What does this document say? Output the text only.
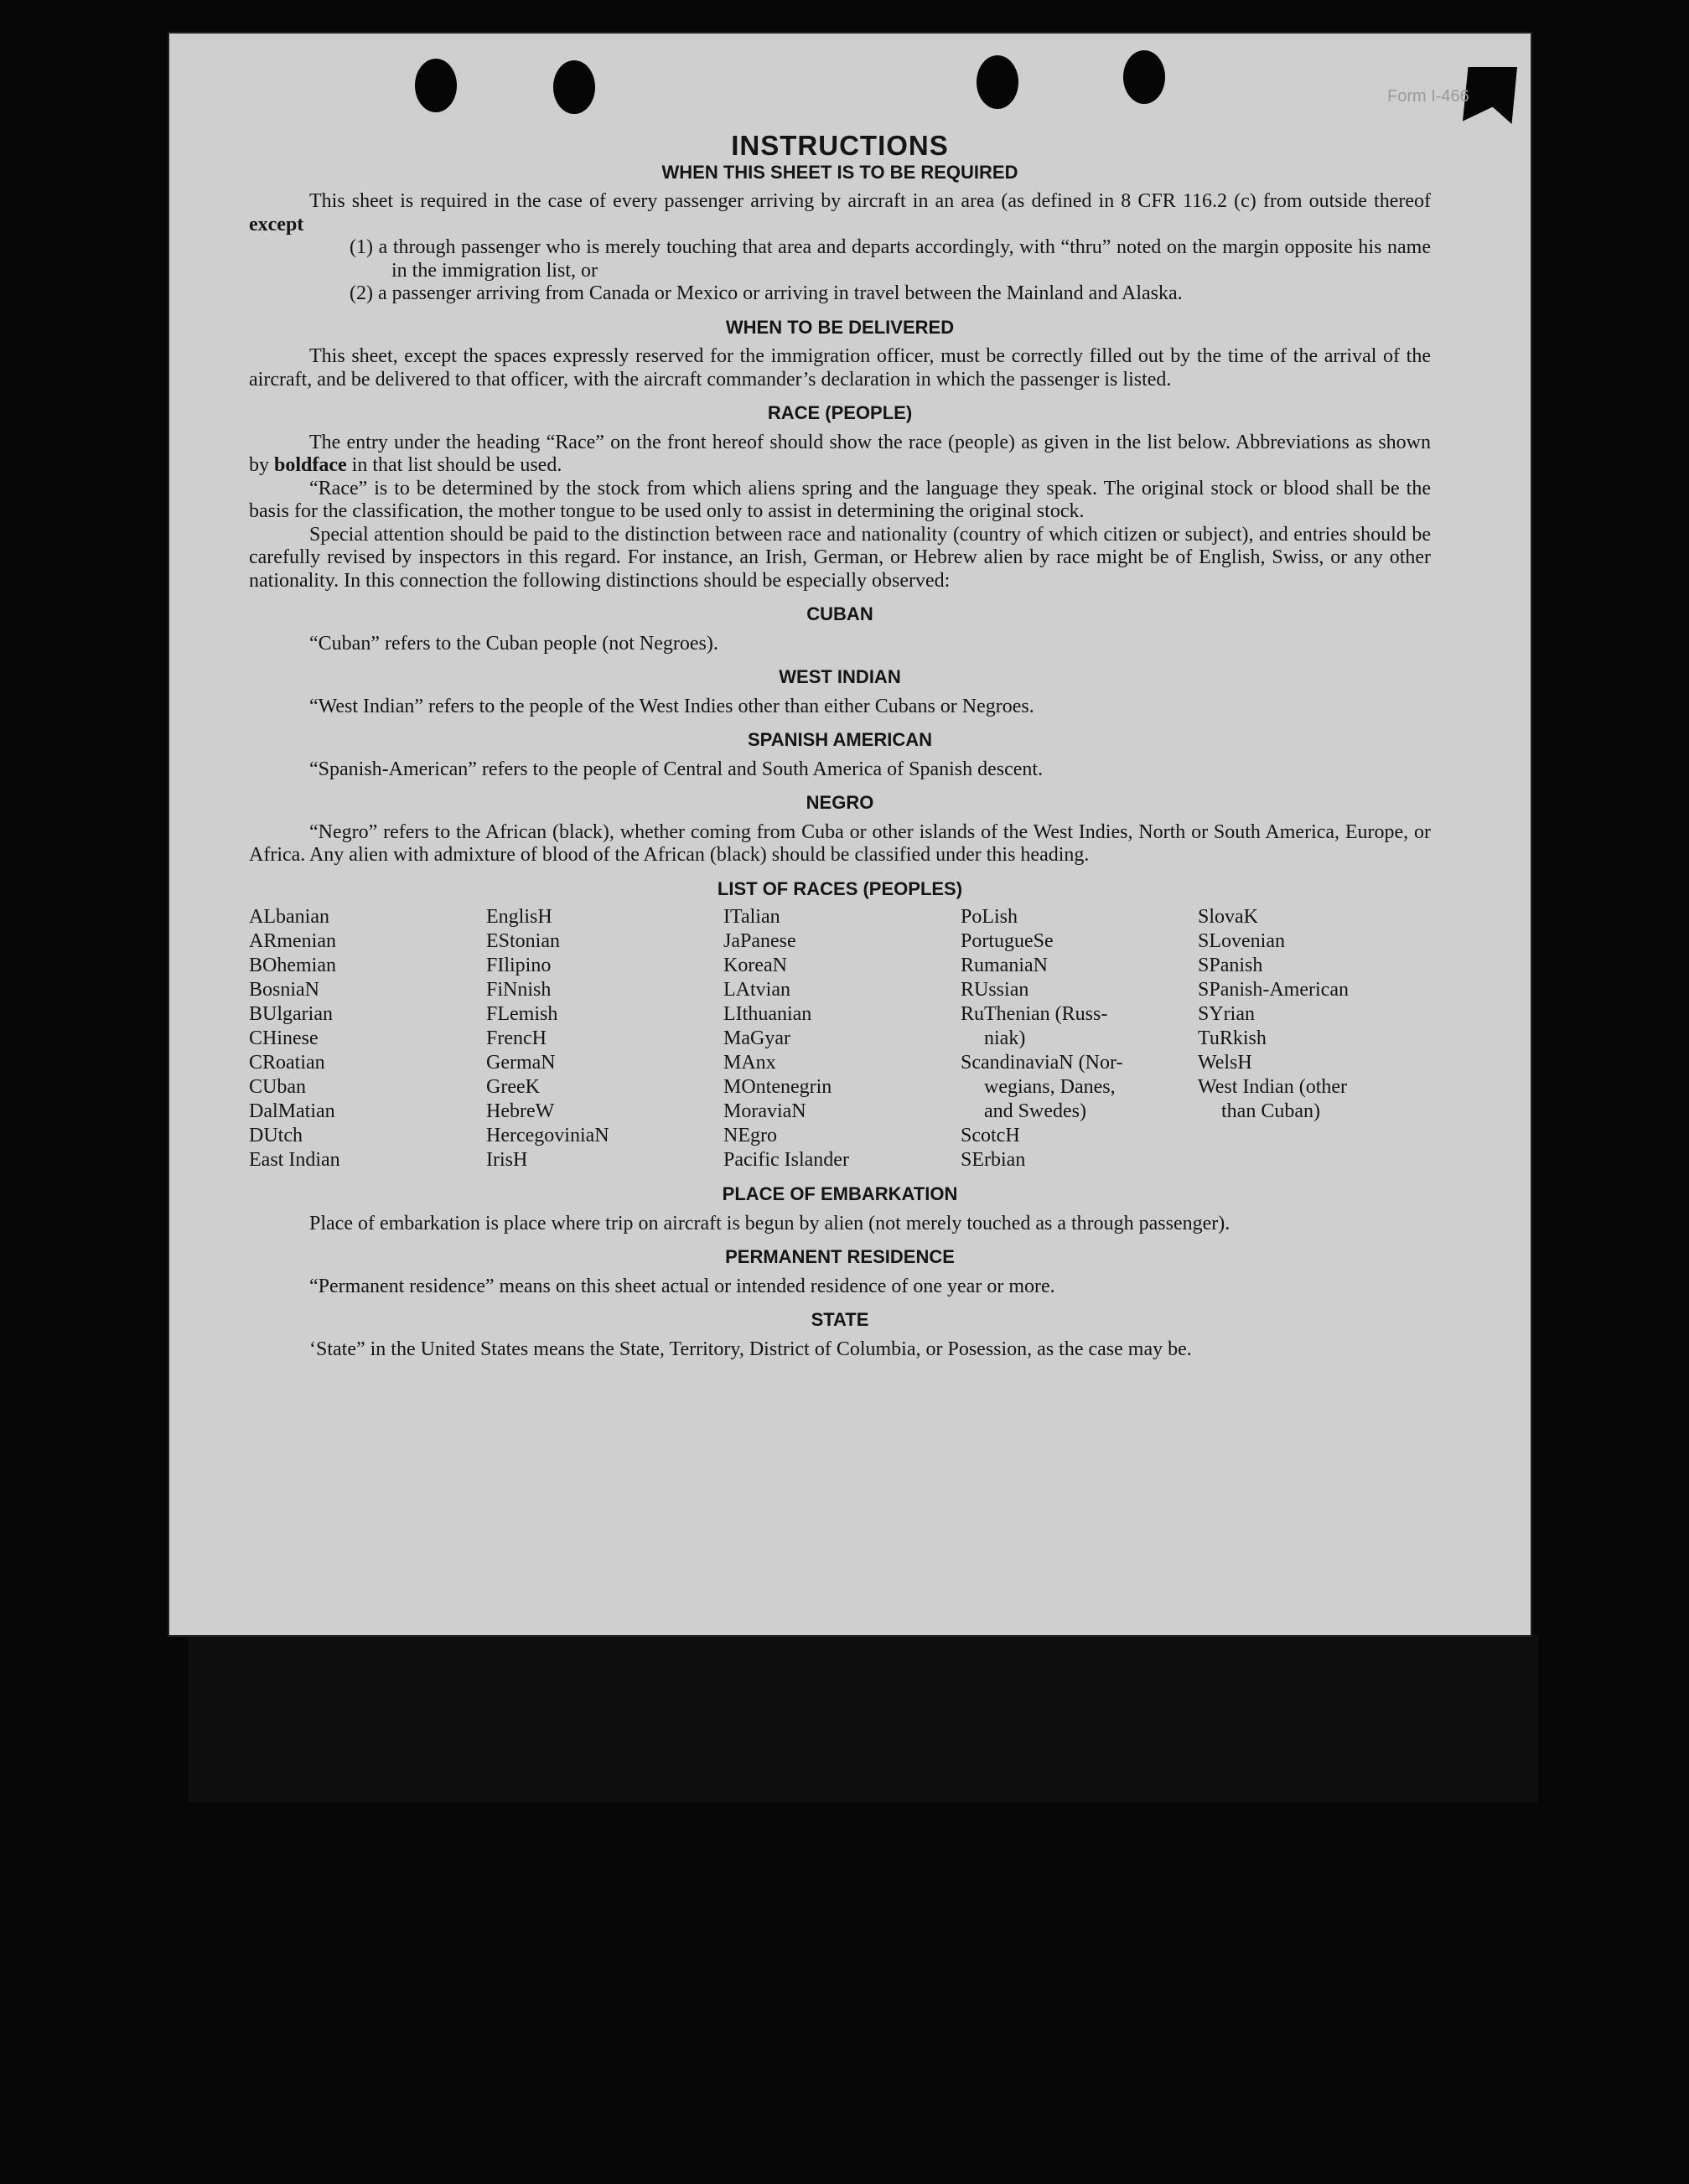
Form I-466
INSTRUCTIONS
WHEN THIS SHEET IS TO BE REQUIRED

This sheet is required in the case of every passenger arriving by aircraft in an area (as defined in 8 CFR 116.2 (c) from outside thereof except

(1) a through passenger who is merely touching that area and departs accordingly, with “thru” noted on the margin opposite his name in the immigration list, or

(2) a passenger arriving from Canada or Mexico or arriving in travel between the Mainland and Alaska.

WHEN TO BE DELIVERED

This sheet, except the spaces expressly reserved for the immigration officer, must be correctly filled out by the time of the arrival of the aircraft, and be delivered to that officer, with the aircraft commander’s declaration in which the passenger is listed.

RACE (PEOPLE)

The entry under the heading “Race” on the front hereof should show the race (people) as given in the list below. Abbreviations as shown by boldface in that list should be used.

“Race” is to be determined by the stock from which aliens spring and the language they speak. The original stock or blood shall be the basis for the classification, the mother tongue to be used only to assist in determining the original stock.

Special attention should be paid to the distinction between race and nationality (country of which citizen or subject), and entries should be carefully revised by inspectors in this regard. For instance, an Irish, German, or Hebrew alien by race might be of English, Swiss, or any other nationality. In this connection the following distinctions should be especially observed:

CUBAN

“Cuban” refers to the Cuban people (not Negroes).

WEST INDIAN

“West Indian” refers to the people of the West Indies other than either Cubans or Negroes.

SPANISH AMERICAN

“Spanish-American” refers to the people of Central and South America of Spanish descent.

NEGRO

“Negro” refers to the African (black), whether coming from Cuba or other islands of the West Indies, North or South America, Europe, or Africa. Any alien with admixture of blood of the African (black) should be classified under this heading.

LIST OF RACES (PEOPLES)
ALbanian
ARmenian
BOhemian
BosniaN
BUlgarian
CHinese
CRoatian
CUban
DalMatian
DUtch
East Indian
EnglisH
EStonian
FIlipino
FiNnish
FLemish
FrencH
GermaN
GreeK
HebreW
HercegoviniaN
IrisH
ITalian
JaPanese
KoreaN
LAtvian
LIthuanian
MaGyar
MAnx
MOntenegrin
MoraviaN
NEgro
Pacific Islander
PoLish
PortugueSe
RumaniaN
RUssian
RuThenian (Russ-
niak)
ScandinaviaN (Nor-
wegians, Danes,
and Swedes)
ScotcH
SErbian
SlovaK
SLovenian
SPanish
SPanish-American
SYrian
TuRkish
WelsH
West Indian (other
than Cuban)
PLACE OF EMBARKATION

Place of embarkation is place where trip on aircraft is begun by alien (not merely touched as a through passenger).

PERMANENT RESIDENCE

“Permanent residence” means on this sheet actual or intended residence of one year or more.

STATE

‘State” in the United States means the State, Territory, District of Columbia, or Posession, as the case may be.
